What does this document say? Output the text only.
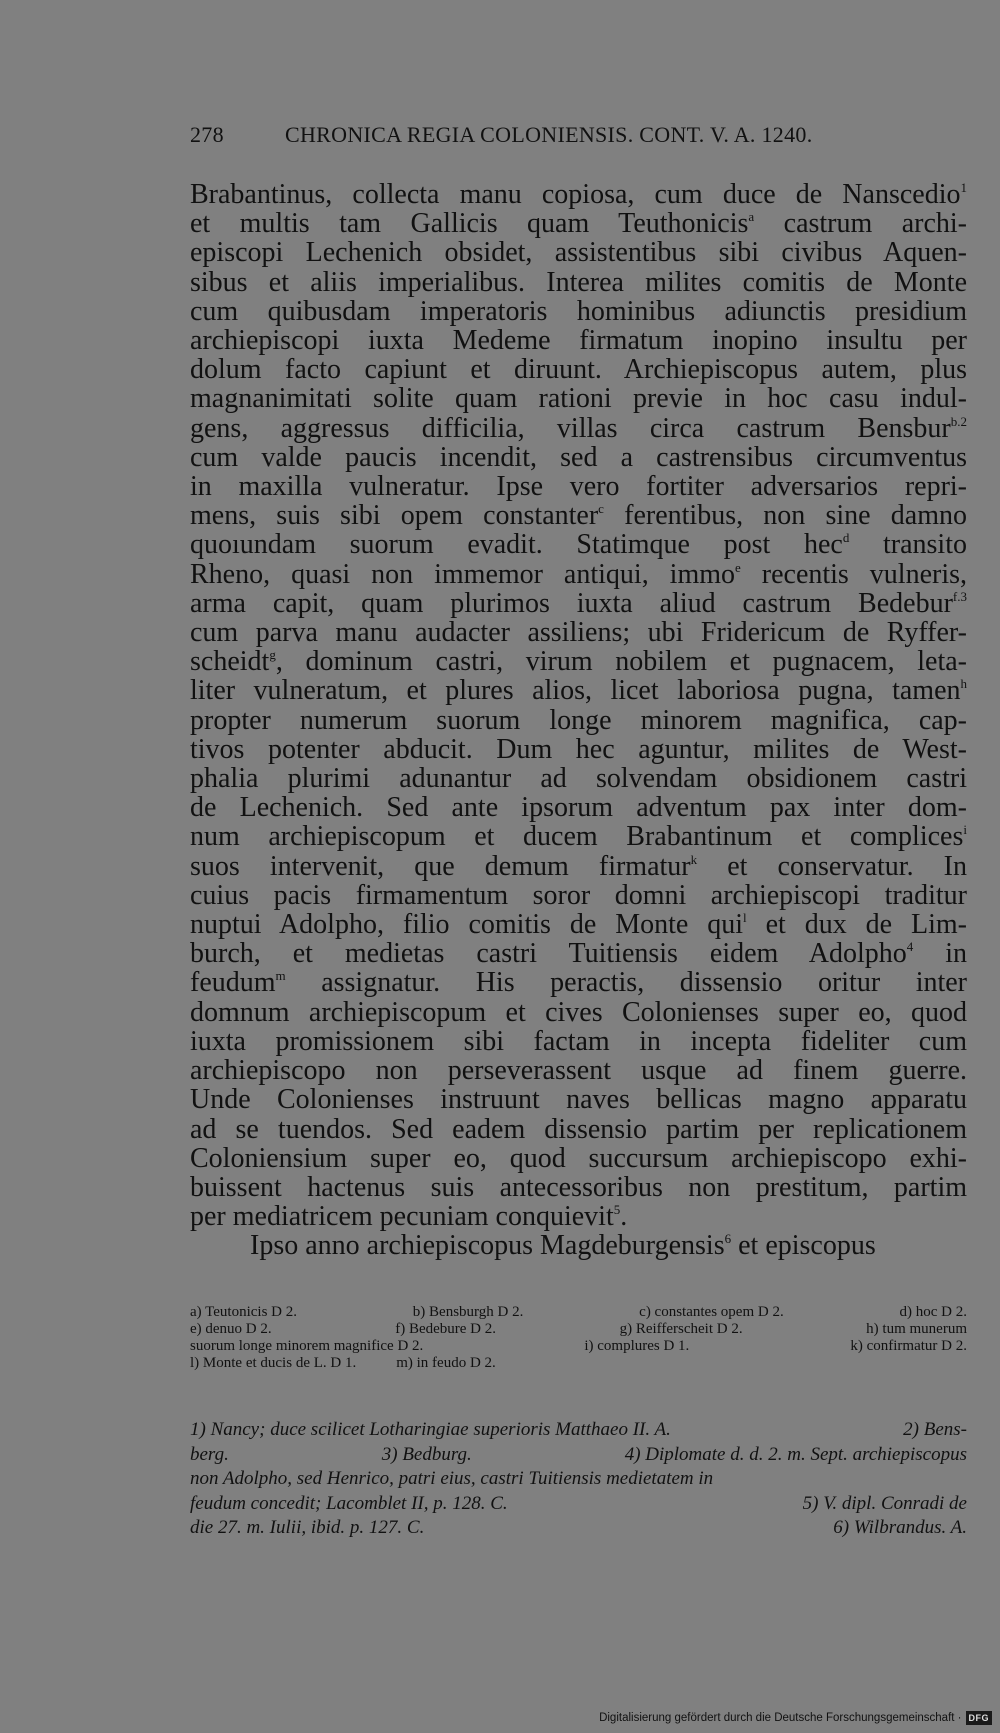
278	CHRONICA REGIA COLONIENSIS. CONT. V. A. 1240.

Brabantinus, collecta manu copiosa, cum duce de Nanscedio$^1$

et multis tam Gallicis quam Teuthonicis$^a$ castrum archi-

episcopi Lechenich obsidet, assistentibus sibi civibus Aquen-

sibus et aliis imperialibus. Interea milites comitis de Monte

cum quibusdam imperatoris hominibus adiunctis presidium

archiepiscopi iuxta Medeme firmatum inopino insultu per

dolum facto capiunt et diruunt. Archiepiscopus autem, plus

magnanimitati solite quam rationi previe in hoc casu indul-

gens, aggressus difficilia, villas circa castrum Bensbur$^{b.2}$

cum valde paucis incendit, sed a castrensibus circumventus

in maxilla vulneratur. Ipse vero fortiter adversarios repri-

mens, suis sibi opem constanter$^c$ ferentibus, non sine damno

quoıundam suorum evadit. Statimque post hec$^d$ transito

Rheno, quasi non immemor antiqui, immo$^e$ recentis vulneris,

arma capit, quam plurimos iuxta aliud castrum Bedebur$^{f.3}$

cum parva manu audacter assiliens; ubi Fridericum de Ryffer-

scheidt$^g$, dominum castri, virum nobilem et pugnacem, leta-

liter vulneratum, et plures alios, licet laboriosa pugna, tamen$^h$

propter numerum suorum longe minorem magnifica, cap-

tivos potenter abducit. Dum hec aguntur, milites de West-

phalia plurimi adunantur ad solvendam obsidionem castri

de Lechenich. Sed ante ipsorum adventum pax inter dom-

num archiepiscopum et ducem Brabantinum et complices$^i$

suos intervenit, que demum firmatur$^k$ et conservatur. In

cuius pacis firmamentum soror domni archiepiscopi traditur

nuptui Adolpho, filio comitis de Monte qui$^l$ et dux de Lim-

burch, et medietas castri Tuitiensis eidem Adolpho$^4$ in

feudum$^m$ assignatur. His peractis, dissensio oritur inter

domnum archiepiscopum et cives Colonienses super eo, quod

iuxta promissionem sibi factam in incepta fideliter cum

archiepiscopo non perseverassent usque ad finem guerre.

Unde Colonienses instruunt naves bellicas magno apparatu

ad se tuendos. Sed eadem dissensio partim per replicationem

Coloniensium super eo, quod succursum archiepiscopo exhi-

buissent hactenus suis antecessoribus non prestitum, partim

per mediatricem pecuniam conquievit$^5$.

Ipso anno archiepiscopus Magdeburgensis$^6$ et episcopus

a) Teutonicis D 2.	b) Bensburgh D 2.	c) constantes opem D 2.	d) hoc D 2.
e) denuo D 2.	f) Bedebure D 2.	g) Reifferscheit D 2.	h) tum munerum
suorum longe minorem magnifice D 2.	i) complures D 1.	k) confirmatur D 2.
l) Monte et ducis de L. D 1.	m) in feudo D 2.
1) Nancy; duce scilicet Lotharingiae superioris Matthaeo II. A.	2) Bens-
berg.	3) Bedburg.	4) Diplomate d. d. 2. m. Sept. archiepiscopus
non Adolpho, sed Henrico, patri eius, castri Tuitiensis medietatem in
feudum concedit; Lacomblet II, p. 128. C.	5) V. dipl. Conradi de
die 27. m. Iulii, ibid. p. 127. C.	6) Wilbrandus. A.
Digitalisierung gefördert durch die Deutsche Forschungsgemeinschaft · DFG
